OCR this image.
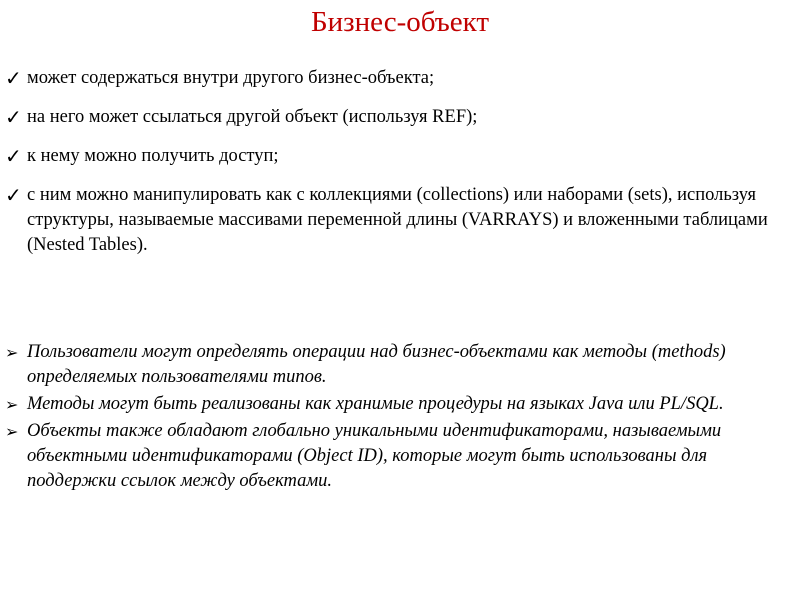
Бизнес-объект
✓ может содержаться внутри другого бизнес-объекта;
✓ на него может ссылаться другой объект (используя REF);
✓ к нему можно получить доступ;
✓ с ним можно манипулировать как с коллекциями (collections) или наборами (sets), используя структуры, называемые массивами переменной длины (VARRAYS) и вложенными таблицами (Nested Tables).
➢ Пользователи могут определять операции над бизнес-объектами как методы (methods) определяемых пользователями типов.
➢ Методы могут быть реализованы как хранимые процедуры на языках Java или PL/SQL.
➢ Объекты также обладают глобально уникальными идентификаторами, называемыми объектными идентификаторами (Object ID), которые могут быть использованы для поддержки ссылок между объектами.
